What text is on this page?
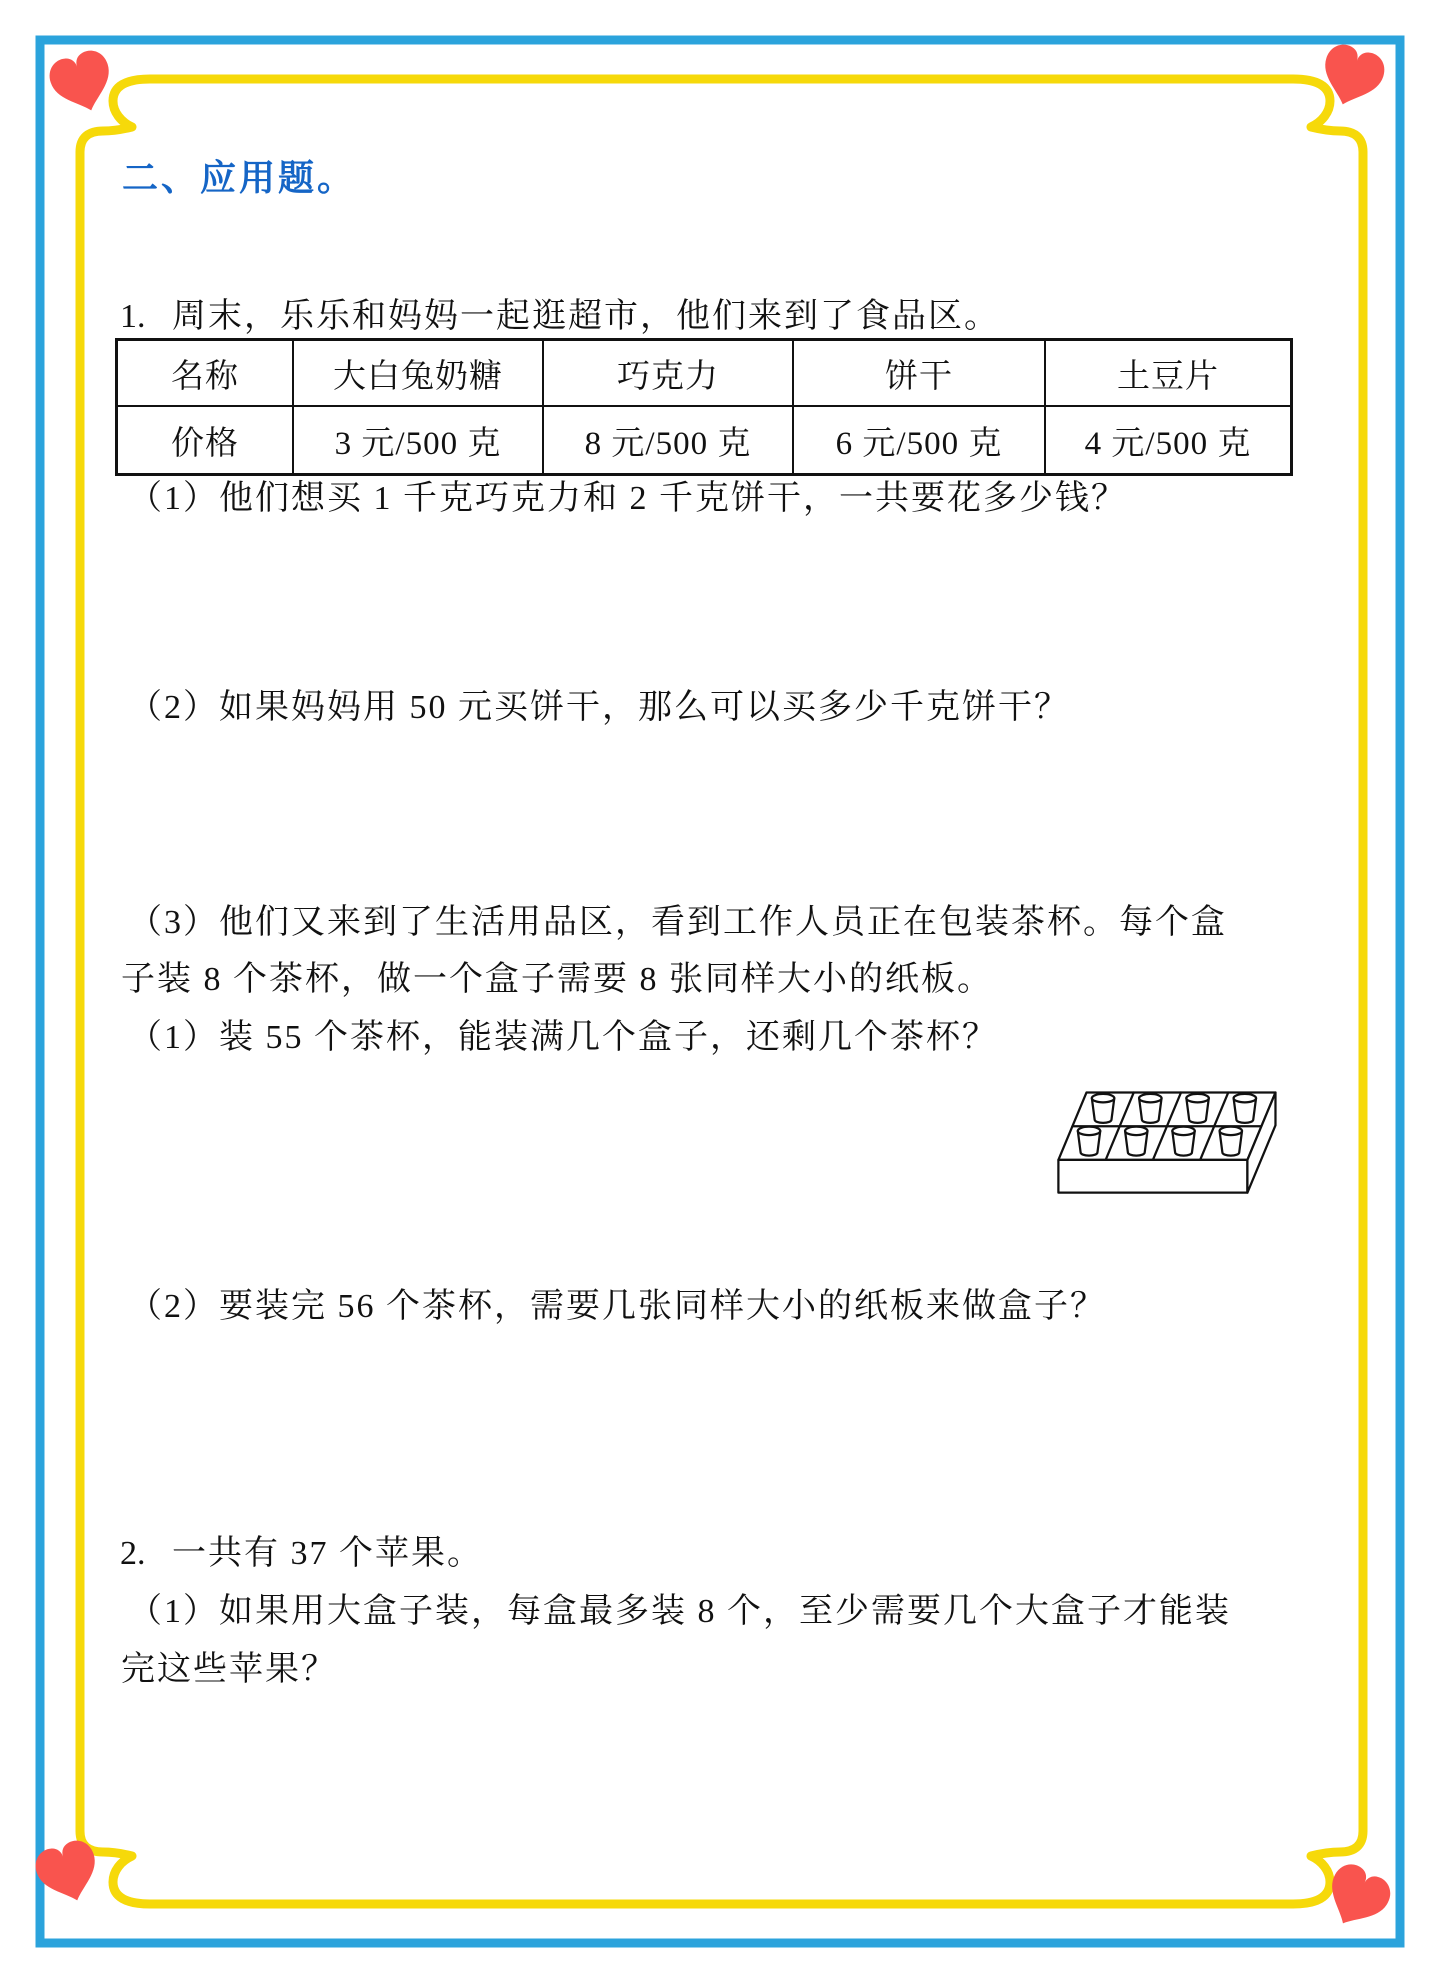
二、应用题。
1. 周末，乐乐和妈妈一起逛超市，他们来到了食品区。
名称	大白兔奶糖	巧克力	饼干	土豆片
价格	3 元/500 克	8 元/500 克	6 元/500 克	4 元/500 克
（1）他们想买 1 千克巧克力和 2 千克饼干，一共要花多少钱？
（2）如果妈妈用 50 元买饼干，那么可以买多少千克饼干？
（3）他们又来到了生活用品区，看到工作人员正在包装茶杯。每个盒
子装 8 个茶杯，做一个盒子需要 8 张同样大小的纸板。
（1）装 55 个茶杯，能装满几个盒子，还剩几个茶杯？
（2）要装完 56 个茶杯，需要几张同样大小的纸板来做盒子？
2. 一共有 37 个苹果。
（1）如果用大盒子装，每盒最多装 8 个，至少需要几个大盒子才能装
完这些苹果？
